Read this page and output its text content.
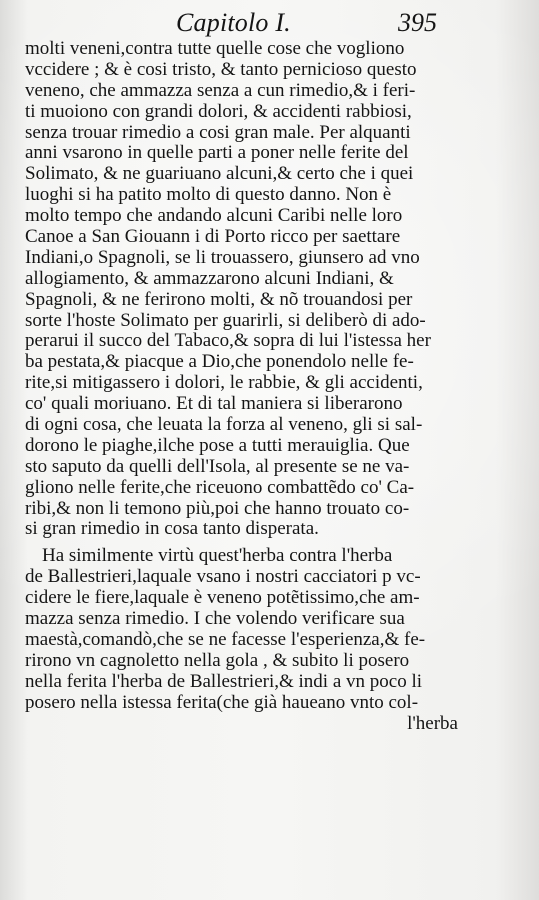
Capitolo I.	395
molti veneni,contra tutte quelle cose che vogliono
vccidere ; & è cosi tristo, & tanto pernicioso questo
veneno, che ammazza senza a cun rimedio,& i feri-
ti muoiono con grandi dolori, & accidenti rabbiosi,
senza trouar rimedio a cosi gran male. Per alquanti
anni vsarono in quelle parti a poner nelle ferite del
Solimato, & ne guariuano alcuni,& certo che i quei
luoghi si ha patito molto di questo danno. Non è
molto tempo che andando alcuni Caribi nelle loro
Canoe a San Giouann i di Porto ricco per saettare
Indiani,o Spagnoli, se li trouassero, giunsero ad vno
allogiamento, & ammazzarono alcuni Indiani, &
Spagnoli, & ne ferirono molti, & nõ trouandosi per
sorte l'hoste Solimato per guarirli, si deliberò di ado-
perarui il succo del Tabaco,& sopra di lui l'istessa her
ba pestata,& piacque a Dio,che ponendolo nelle fe-
rite,si mitigassero i dolori, le rabbie, & gli accidenti,
co' quali moriuano. Et di tal maniera si liberarono
di ogni cosa, che leuata la forza al veneno, gli si sal-
dorono le piaghe,ilche pose a tutti merauiglia. Que
sto saputo da quelli dell'Isola, al presente se ne va-
gliono nelle ferite,che riceuono combattẽdo co' Ca-
ribi,& non li temono più,poi che hanno trouato co-
si gran rimedio in cosa tanto disperata.
Ha similmente virtù quest'herba contra l'herba
de Ballestrieri,laquale vsano i nostri cacciatori p vc-
cidere le fiere,laquale è veneno potẽtissimo,che am-
mazza senza rimedio. I che volendo verificare sua
maestà,comandò,che se ne facesse l'esperienza,& fe-
rirono vn cagnoletto nella gola , & subito li posero
nella ferita l'herba de Ballestrieri,& indi a vn poco li
posero nella istessa ferita(che già haueano vnto col-
l'herba
